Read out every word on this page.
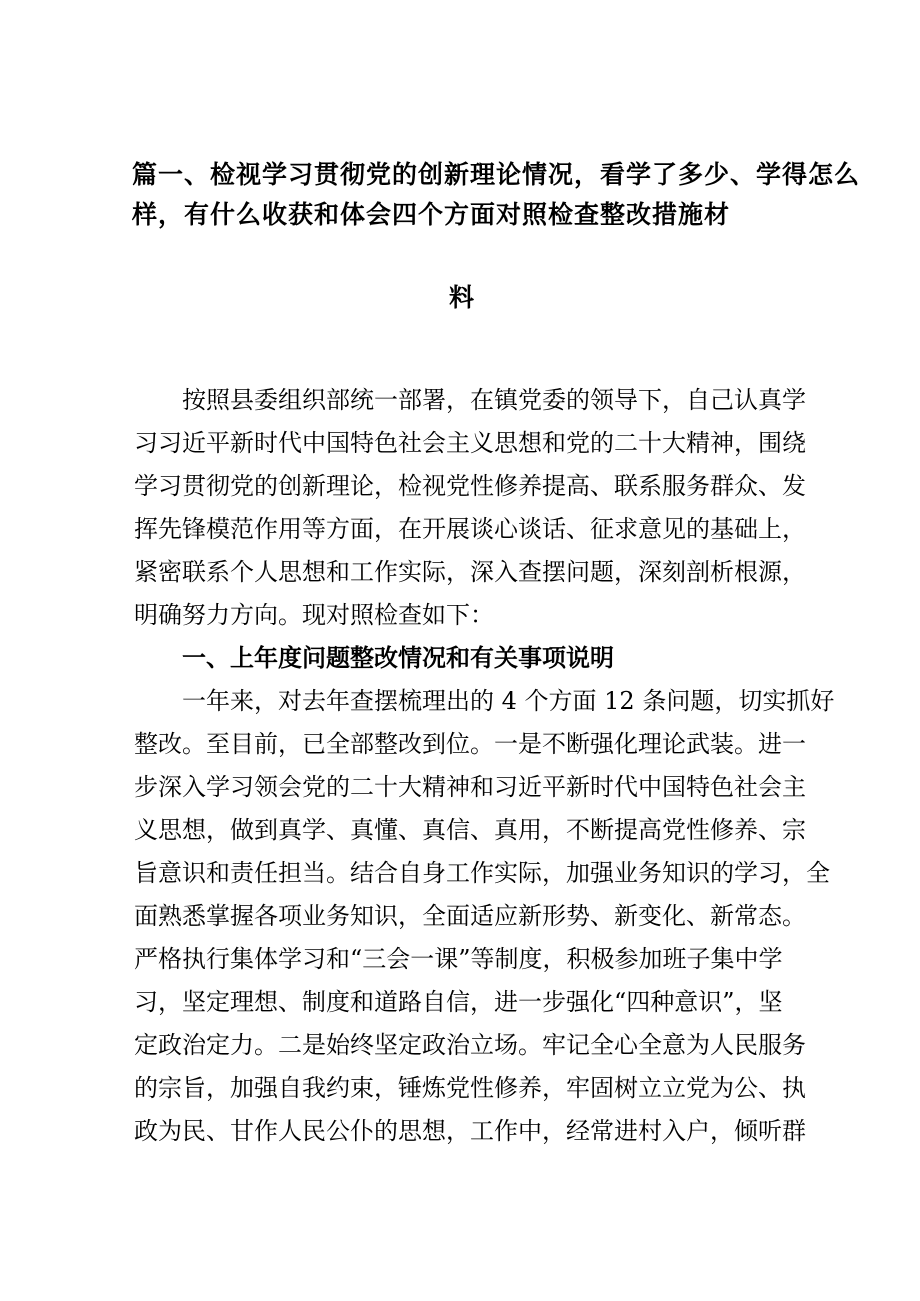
篇一、检视学习贯彻党的创新理论情况，看学了多少、学得怎么
样，有什么收获和体会四个方面对照检查整改措施材
料
　　按照县委组织部统一部署，在镇党委的领导下，自己认真学
习习近平新时代中国特色社会主义思想和党的二十大精神，围绕
学习贯彻党的创新理论，检视党性修养提高、联系服务群众、发
挥先锋模范作用等方面，在开展谈心谈话、征求意见的基础上，
紧密联系个人思想和工作实际，深入查摆问题，深刻剖析根源，
明确努力方向。现对照检查如下：
　　一、上年度问题整改情况和有关事项说明
　　一年来，对去年查摆梳理出的 4 个方面 12 条问题，切实抓好
整改。至目前，已全部整改到位。一是不断强化理论武装。进一
步深入学习领会党的二十大精神和习近平新时代中国特色社会主
义思想，做到真学、真懂、真信、真用，不断提高党性修养、宗
旨意识和责任担当。结合自身工作实际，加强业务知识的学习，全
面熟悉掌握各项业务知识，全面适应新形势、新变化、新常态。
严格执行集体学习和“三会一课”等制度，积极参加班子集中学
习，坚定理想、制度和道路自信，进一步强化“四种意识”，坚
定政治定力。二是始终坚定政治立场。牢记全心全意为人民服务
的宗旨，加强自我约束，锤炼党性修养，牢固树立立党为公、执
政为民、甘作人民公仆的思想，工作中，经常进村入户，倾听群
